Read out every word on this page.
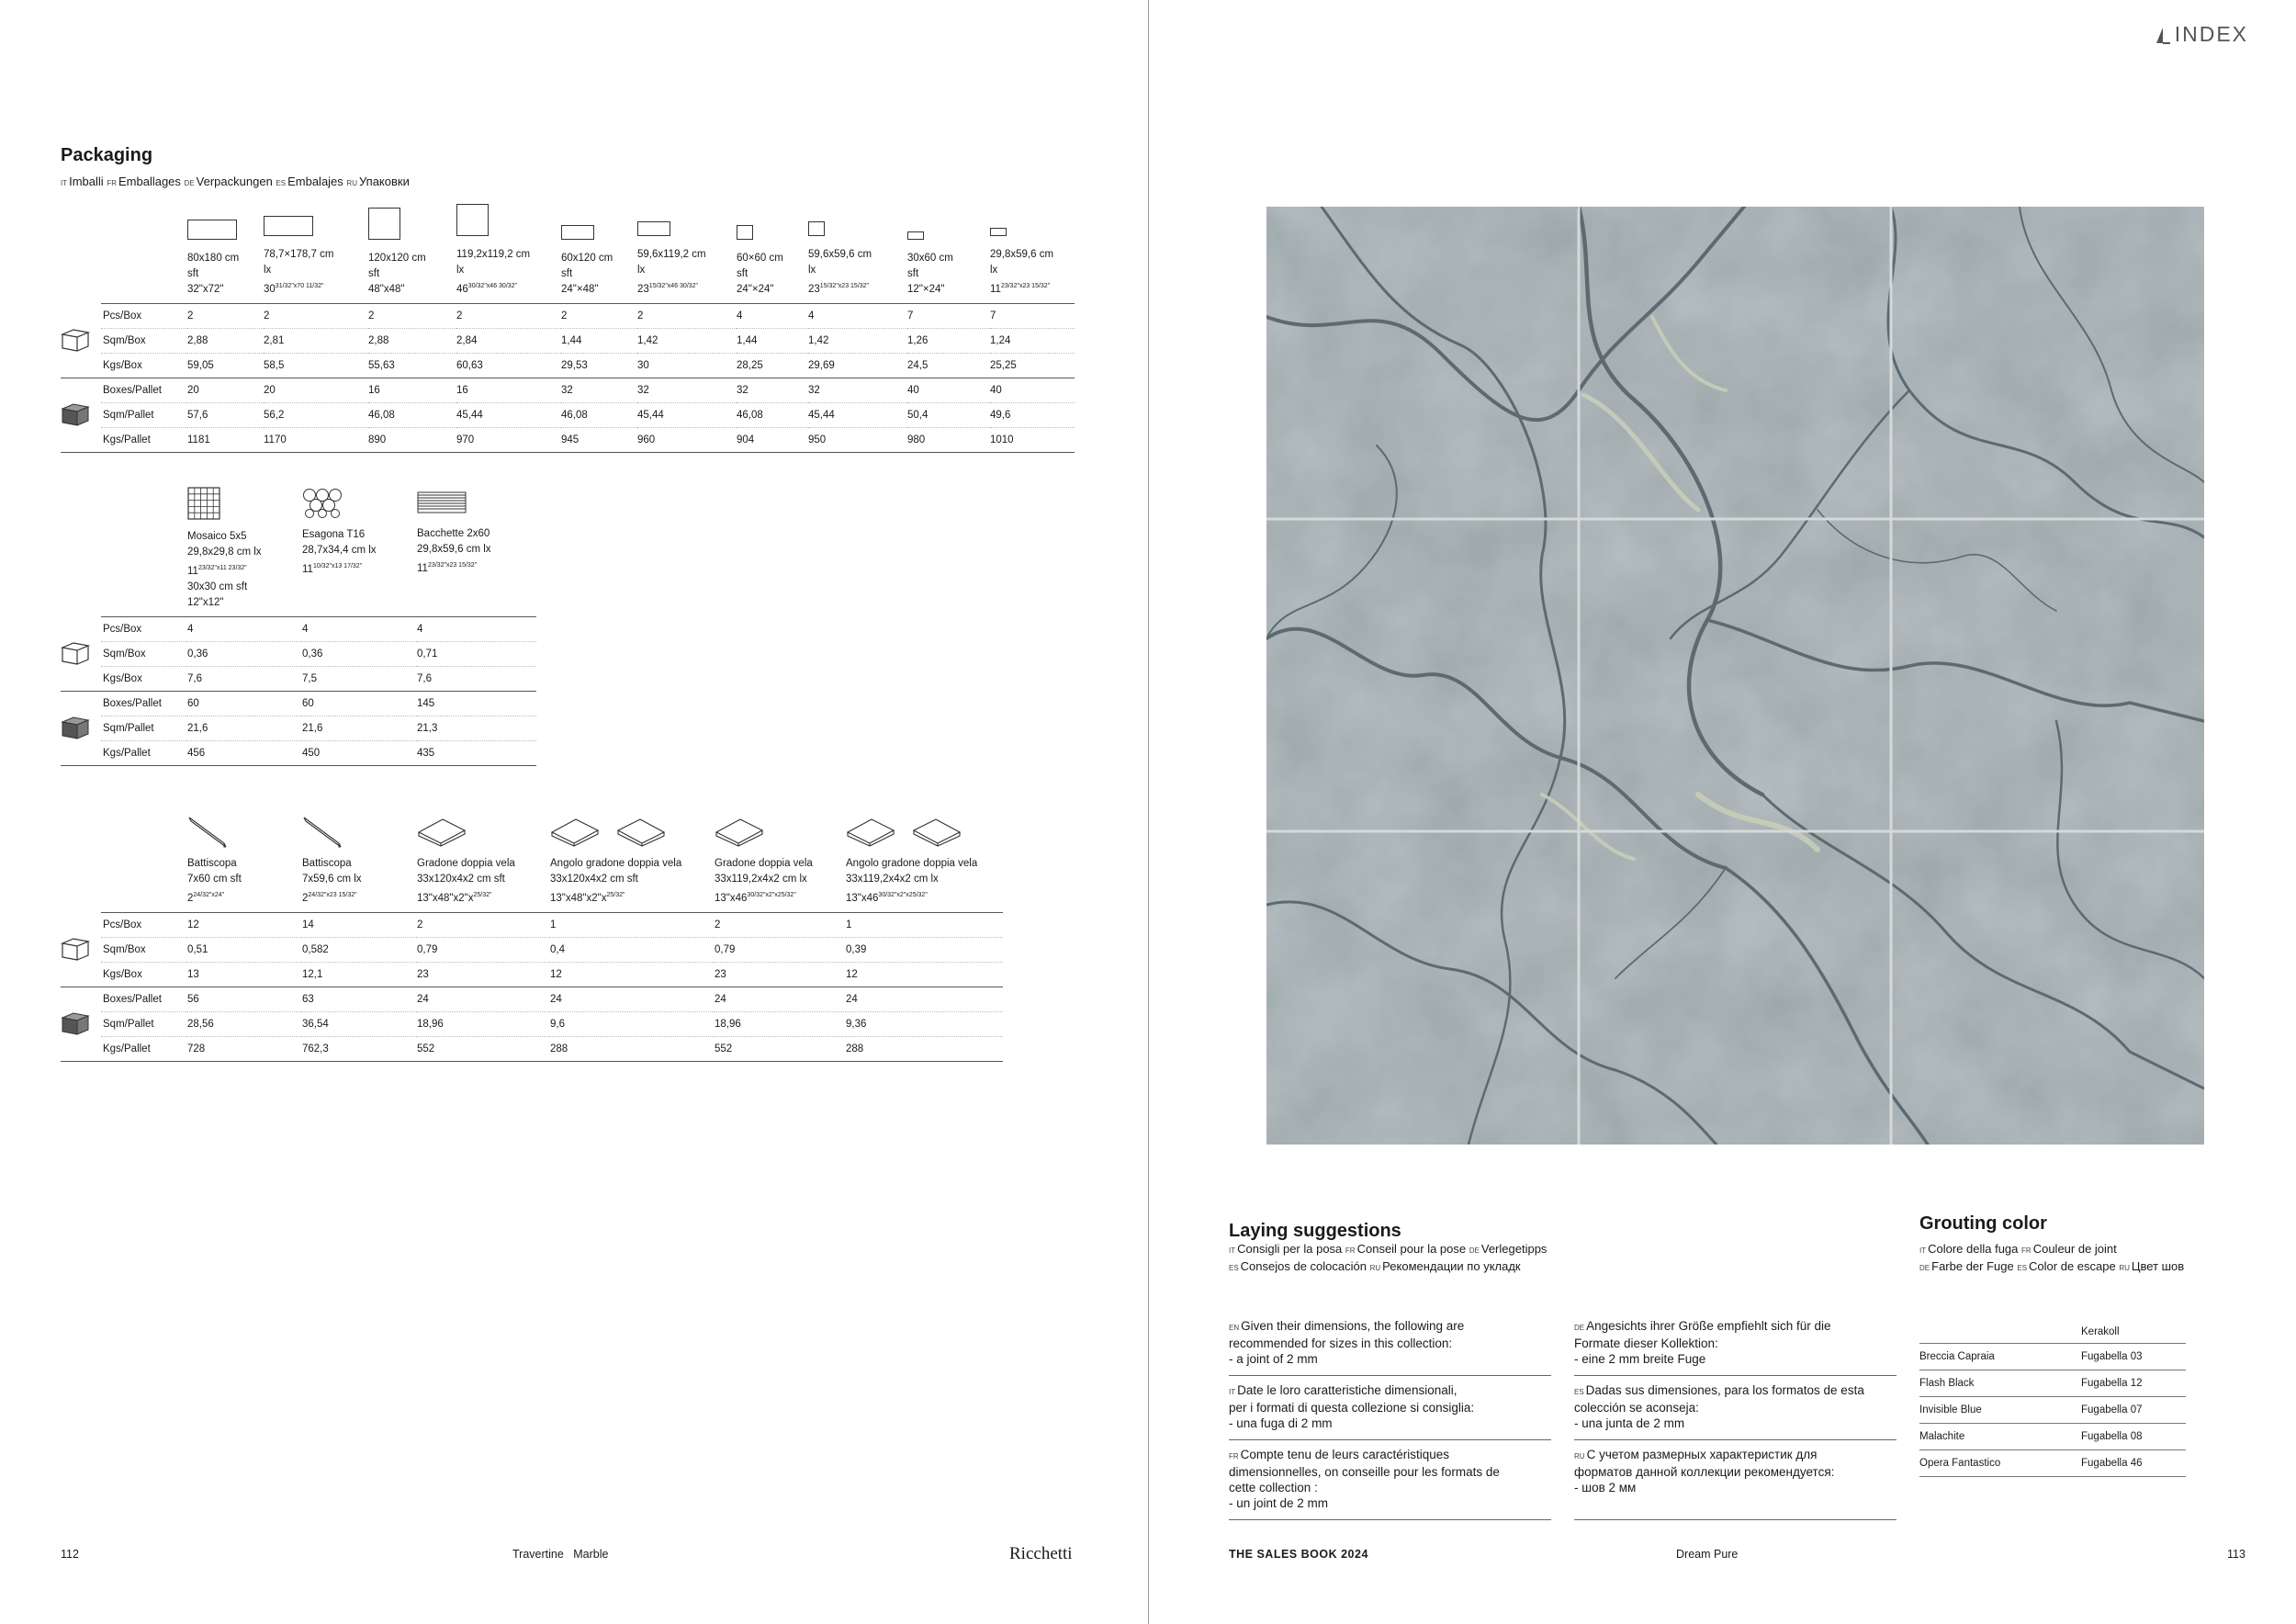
Packaging
IT Imballi FR Emballages DE Verpackungen ES Embalajes RU Упаковки

80x180 cm
sft
32"x72"	78,7×178,7 cm
lx
$30^{31/32"x70 11/32"}$	120x120 cm
sft
48"x48"	119,2x119,2 cm
lx
$46^{30/32"x46 30/32"}$	60x120 cm
sft
24"×48"	59,6x119,2 cm
lx
$23^{15/32"x46 30/32"}$	60×60 cm
sft
24"×24"	59,6x59,6 cm
lx
$23^{15/32"x23 15/32"}$	30x60 cm
sft
12"×24"	29,8x59,6 cm
lx
$11^{23/32"x23 15/32"}$
	Pcs/Box	2	2	2	2	2	2	4	4	7	7
	Sqm/Box	2,88	2,81	2,88	2,84	1,44	1,42	1,44	1,42	1,26	1,24
	Kgs/Box	59,05	58,5	55,63	60,63	29,53	30	28,25	29,69	24,5	25,25
	Boxes/Pallet	20	20	16	16	32	32	32	32	40	40
	Sqm/Pallet	57,6	56,2	46,08	45,44	46,08	45,44	46,08	45,44	50,4	49,6
	Kgs/Pallet	1181	1170	890	970	945	960	904	950	980	1010

Mosaico 5x5
29,8x29,8 cm lx
$11^{23/32"x11 23/32"}$
30x30 cm sft
12"x12"	Esagona T16
28,7x34,4 cm lx
$11^{10/32"x13 17/32"}$	Bacchette 2x60
29,8x59,6 cm lx
$11^{23/32"x23 15/32"}$
	Pcs/Box	4	4	4
	Sqm/Box	0,36	0,36	0,71
	Kgs/Box	7,6	7,5	7,6
	Boxes/Pallet	60	60	145
	Sqm/Pallet	21,6	21,6	21,3
	Kgs/Pallet	456	450	435

Battiscopa
7x60 cm sft
$2^{24/32"x24"}$	Battiscopa
7x59,6 cm lx
$2^{24/32"x23 15/32"}$	Gradone doppia vela
33x120x4x2 cm sft
$13"x48"x2"x^{25/32"}$	Angolo gradone doppia vela
33x120x4x2 cm sft
$13"x48"x2"x^{25/32"}$	Gradone doppia vela
33x119,2x4x2 cm lx
$13"x46^{30/32"x2"x25/32"}$	Angolo gradone doppia vela
33x119,2x4x2 cm lx
$13"x46^{30/32"x2"x25/32"}$
	Pcs/Box	12	14	2	1	2	1
	Sqm/Box	0,51	0,582	0,79	0,4	0,79	0,39
	Kgs/Box	13	12,1	23	12	23	12
	Boxes/Pallet	56	63	24	24	24	24
	Sqm/Pallet	28,56	36,54	18,96	9,6	18,96	9,36
	Kgs/Pallet	728	762,3	552	288	552	288
112	Travertine   Marble	Ricchetti
INDEX
Laying suggestions
IT Consigli per la posa FR Conseil pour la pose DE Verlegetipps
ES Consejos de colocación RU Рекомендации по укладк
EN Given their dimensions, the following are
recommended for sizes in this collection:
- a joint of 2 mm
IT Date le loro caratteristiche dimensionali,
per i formati di questa collezione si consiglia:
- una fuga di 2 mm
FR Compte tenu de leurs caractéristiques
dimensionnelles, on conseille pour les formats de
cette collection :
- un joint de 2 mm
DE Angesichts ihrer Größe empfiehlt sich für die
Formate dieser Kollektion:
- eine 2 mm breite Fuge
ES Dadas sus dimensiones, para los formatos de esta
colección se aconseja:
- una junta de 2 mm
RU С учетом размерных характеристик для
форматов данной коллекции рекомендуется:
- шов 2 мм
Grouting color
IT Colore della fuga FR Couleur de joint
DE Farbe der Fuge ES Color de escape RU Цвет шов
	Kerakoll
Breccia Capraia	Fugabella 03
Flash Black	Fugabella 12
Invisible Blue	Fugabella 07
Malachite	Fugabella 08
Opera Fantastico	Fugabella 46
THE SALES BOOK 2024	Dream Pure	113
